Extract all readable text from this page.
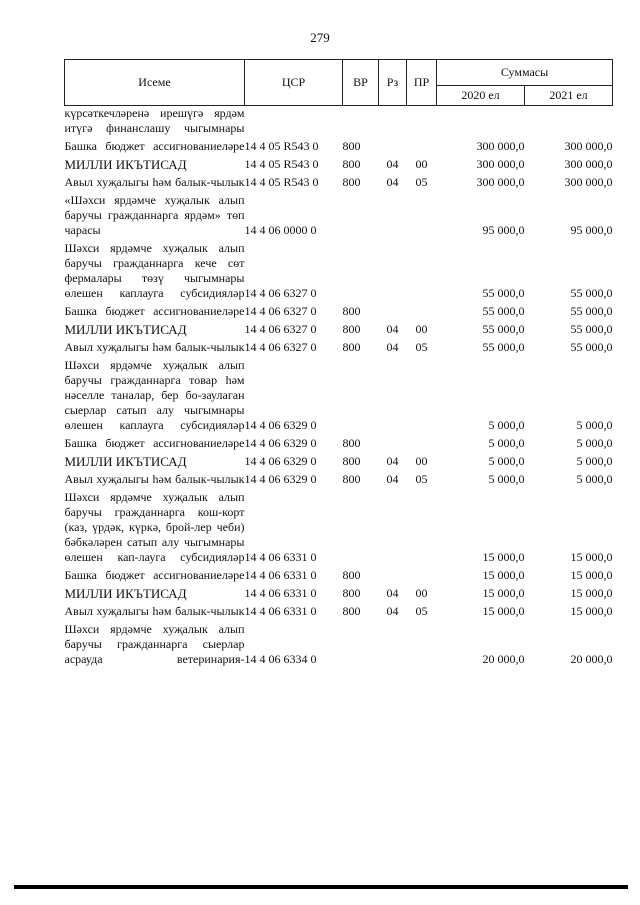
279
Исеме	ЦСР	ВР	Рз	ПР	Суммасы	
					2020 ел	2021 ел
күрсәткечләренә ирешүгә ярдәм итүгә финанслашу чыгымнары						
Башка бюджет ассигнованиеләре	14 4 05 R543 0	800			300 000,0	300 000,0
МИЛЛИ ИКЪТИСАД	14 4 05 R543 0	800	04	00	300 000,0	300 000,0
Авыл хуҗалыгы һәм балык-чылык	14 4 05 R543 0	800	04	05	300 000,0	300 000,0
«Шәхси ярдәмче хуҗалык алып баручы гражданнарга ярдәм» төп чарасы	14 4 06 0000 0				95 000,0	95 000,0
Шәхси ярдәмче хуҗалык алып баручы гражданнарга кече сөт фермалары төзү чыгымнары өлешен каплауга субсидияләр	14 4 06 6327 0				55 000,0	55 000,0
Башка бюджет ассигнованиеләре	14 4 06 6327 0	800			55 000,0	55 000,0
МИЛЛИ ИКЪТИСАД	14 4 06 6327 0	800	04	00	55 000,0	55 000,0
Авыл хуҗалыгы һәм балык-чылык	14 4 06 6327 0	800	04	05	55 000,0	55 000,0
Шәхси ярдәмче хуҗалык алып баручы гражданнарга товар һәм нәселле таналар, бер бо-заулаган сыерлар сатып алу чыгымнары өлешен каплауга субсидияләр	14 4 06 6329 0				5 000,0	5 000,0
Башка бюджет ассигнованиеләре	14 4 06 6329 0	800			5 000,0	5 000,0
МИЛЛИ ИКЪТИСАД	14 4 06 6329 0	800	04	00	5 000,0	5 000,0
Авыл хуҗалыгы һәм балык-чылык	14 4 06 6329 0	800	04	05	5 000,0	5 000,0
Шәхси ярдәмче хуҗалык алып баручы гражданнарга кош-корт (каз, үрдәк, күркә, брой-лер чеби) бәбкәләрен сатып алу чыгымнары өлешен кап-лауга субсидияләр	14 4 06 6331 0				15 000,0	15 000,0
Башка бюджет ассигнованиеләре	14 4 06 6331 0	800			15 000,0	15 000,0
МИЛЛИ ИКЪТИСАД	14 4 06 6331 0	800	04	00	15 000,0	15 000,0
Авыл хуҗалыгы һәм балык-чылык	14 4 06 6331 0	800	04	05	15 000,0	15 000,0
Шәхси ярдәмче хуҗалык алып баручы гражданнарга сыерлар асрауда ветеринария-	14 4 06 6334 0				20 000,0	20 000,0
